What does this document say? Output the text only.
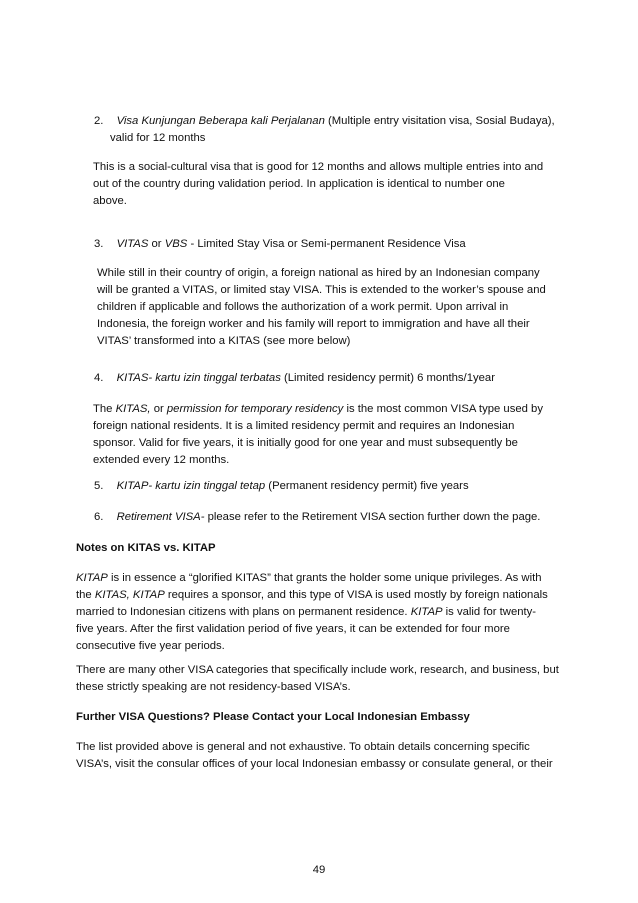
2. Visa Kunjungan Beberapa kali Perjalanan (Multiple entry visitation visa, Sosial Budaya),
valid for 12 months
This is a social-cultural visa that is good for 12 months and allows multiple entries into and
out of the country during validation period. In application is identical to number one
above.
3. VITAS or VBS - Limited Stay Visa or Semi-permanent Residence Visa
While still in their country of origin, a foreign national as hired by an Indonesian company
will be granted a VITAS, or limited stay VISA. This is extended to the worker’s spouse and
children if applicable and follows the authorization of a work permit. Upon arrival in
Indonesia, the foreign worker and his family will report to immigration and have all their
VITAS’ transformed into a KITAS (see more below)
4. KITAS- kartu izin tinggal terbatas (Limited residency permit) 6 months/1year
The KITAS, or permission for temporary residency is the most common VISA type used by
foreign national residents. It is a limited residency permit and requires an Indonesian
sponsor. Valid for five years, it is initially good for one year and must subsequently be
extended every 12 months.
5. KITAP- kartu izin tinggal tetap (Permanent residency permit) five years
6. Retirement VISA- please refer to the Retirement VISA section further down the page.
Notes on KITAS vs. KITAP
KITAP is in essence a “glorified KITAS” that grants the holder some unique privileges. As with
the KITAS, KITAP requires a sponsor, and this type of VISA is used mostly by foreign nationals
married to Indonesian citizens with plans on permanent residence. KITAP is valid for twenty-
five years. After the first validation period of five years, it can be extended for four more
consecutive five year periods.
There are many other VISA categories that specifically include work, research, and business, but
these strictly speaking are not residency-based VISA’s.
Further VISA Questions? Please Contact your Local Indonesian Embassy
The list provided above is general and not exhaustive. To obtain details concerning specific
VISA’s, visit the consular offices of your local Indonesian embassy or consulate general, or their
49
